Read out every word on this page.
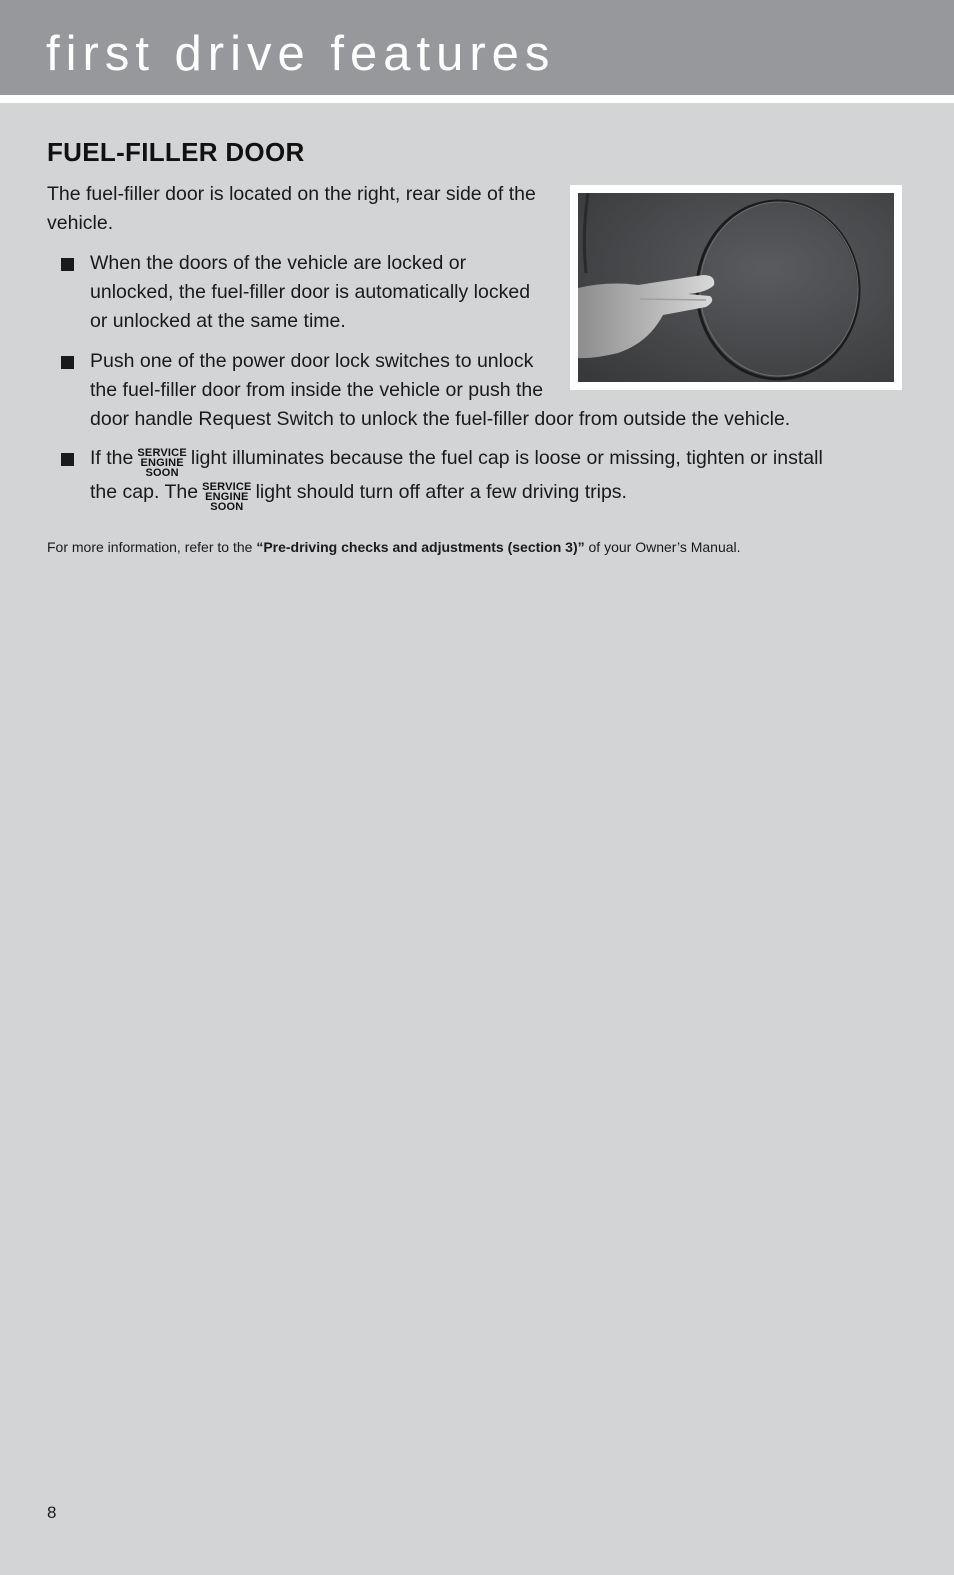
first drive features
FUEL-FILLER DOOR

The fuel-filler door is located on the right, rear side of the vehicle.

When the doors of the vehicle are locked or unlocked, the fuel-filler door is automatically locked or unlocked at the same time.

Push one of the power door lock switches to unlock
the fuel-filler door from inside the vehicle or push the
door handle Request Switch to unlock the fuel-filler door from outside the vehicle.
If the SERVICE
ENGINE
SOON
light illuminates because the fuel cap is loose or missing, tighten or install
the cap. The SERVICE
ENGINE
SOON
light should turn off after a few driving trips.

For more information, refer to the “Pre-driving checks and adjustments (section 3)” of your Owner’s Manual.

8
